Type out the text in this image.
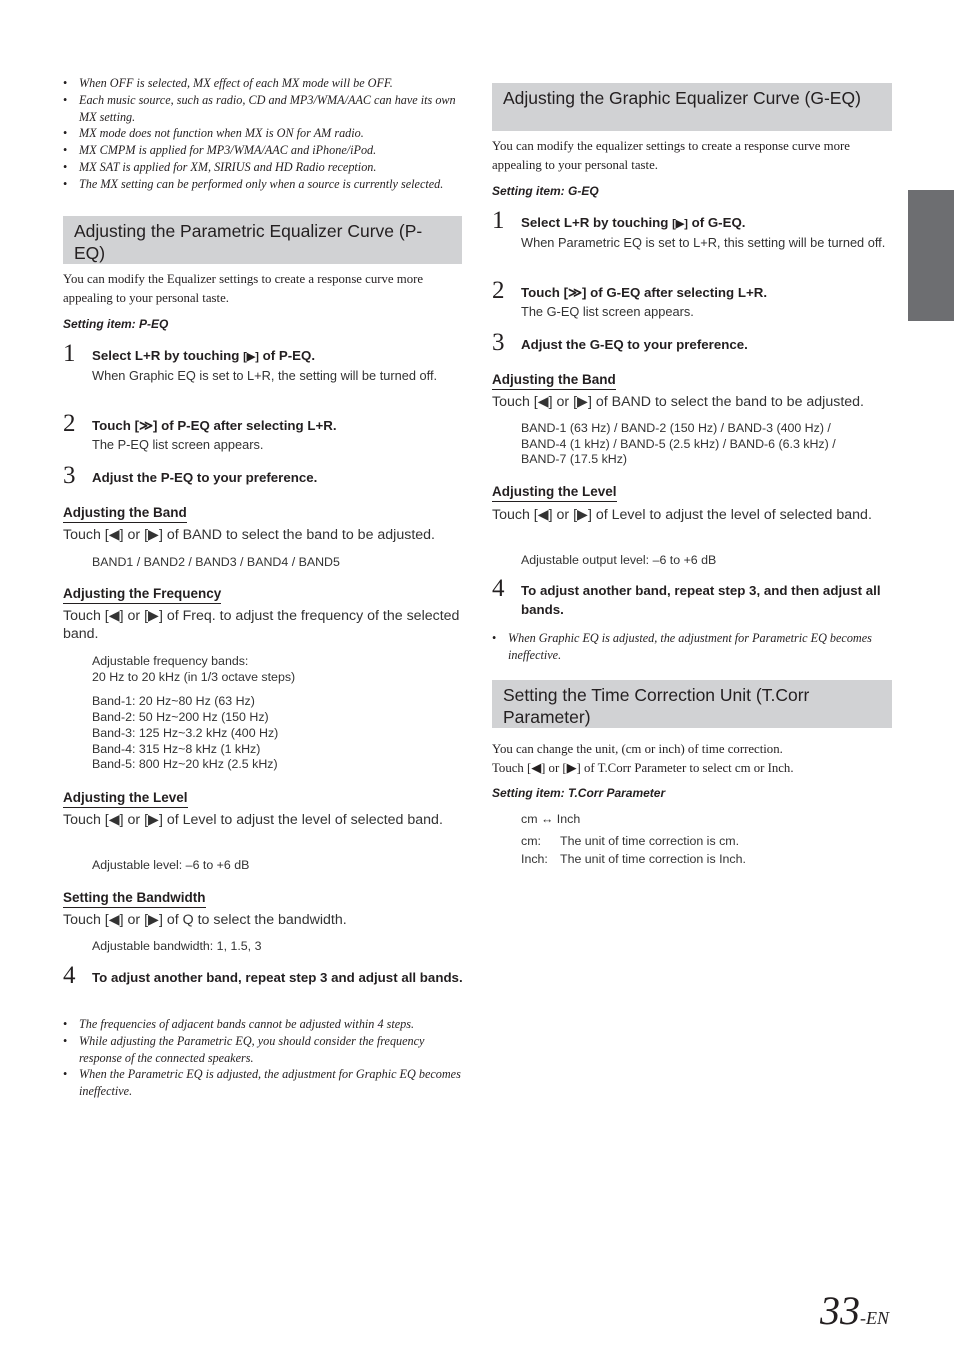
• When OFF is selected, MX effect of each MX mode will be OFF.
• Each music source, such as radio, CD and MP3/WMA/AAC can have its own MX setting.
• MX mode does not function when MX is ON for AM radio.
• MX CMPM is applied for MP3/WMA/AAC and iPhone/iPod.
• MX SAT is applied for XM, SIRIUS and HD Radio reception.
• The MX setting can be performed only when a source is currently selected.
Adjusting the Parametric Equalizer Curve (P-EQ)
You can modify the Equalizer settings to create a response curve more appealing to your personal taste.
Setting item: P-EQ
1 Select L+R by touching [▶] of P-EQ.
When Graphic EQ is set to L+R, the setting will be turned off.
2 Touch [≫] of P-EQ after selecting L+R.
The P-EQ list screen appears.
3 Adjust the P-EQ to your preference.
Adjusting the Band
Touch [◀] or [▶] of BAND to select the band to be adjusted.
BAND1 / BAND2 / BAND3 / BAND4 / BAND5
Adjusting the Frequency
Touch [◀] or [▶] of Freq. to adjust the frequency of the selected band.
Adjustable frequency bands:
20 Hz to 20 kHz (in 1/3 octave steps)
Band-1: 20 Hz~80 Hz (63 Hz)
Band-2: 50 Hz~200 Hz (150 Hz)
Band-3: 125 Hz~3.2 kHz (400 Hz)
Band-4: 315 Hz~8 kHz (1 kHz)
Band-5: 800 Hz~20 kHz (2.5 kHz)
Adjusting the Level
Touch [◀] or [▶] of Level to adjust the level of selected band.
Adjustable level: –6 to +6 dB
Setting the Bandwidth
Touch [◀] or [▶] of Q to select the bandwidth.
Adjustable bandwidth: 1, 1.5, 3
4 To adjust another band, repeat step 3 and adjust all bands.
• The frequencies of adjacent bands cannot be adjusted within 4 steps.
• While adjusting the Parametric EQ, you should consider the frequency response of the connected speakers.
• When the Parametric EQ is adjusted, the adjustment for Graphic EQ becomes ineffective.
Adjusting the Graphic Equalizer Curve (G-EQ)
You can modify the equalizer settings to create a response curve more appealing to your personal taste.
Setting item: G-EQ
1 Select L+R by touching [▶] of G-EQ.
When Parametric EQ is set to L+R, this setting will be turned off.
2 Touch [≫] of G-EQ after selecting L+R.
The G-EQ list screen appears.
3 Adjust the G-EQ to your preference.
Adjusting the Band
Touch [◀] or [▶] of BAND to select the band to be adjusted.
BAND-1 (63 Hz) / BAND-2 (150 Hz) / BAND-3 (400 Hz) / BAND-4 (1 kHz) / BAND-5 (2.5 kHz) / BAND-6 (6.3 kHz) / BAND-7 (17.5 kHz)
Adjusting the Level
Touch [◀] or [▶] of Level to adjust the level of selected band.
Adjustable output level: –6 to +6 dB
4 To adjust another band, repeat step 3, and then adjust all bands.
• When Graphic EQ is adjusted, the adjustment for Parametric EQ becomes ineffective.
Setting the Time Correction Unit (T.Corr Parameter)
You can change the unit, (cm or inch) of time correction.
Touch [◀] or [▶] of T.Corr Parameter to select cm or Inch.
Setting item: T.Corr Parameter
cm ↔ Inch
cm: The unit of time correction is cm.
Inch: The unit of time correction is Inch.
33-EN
